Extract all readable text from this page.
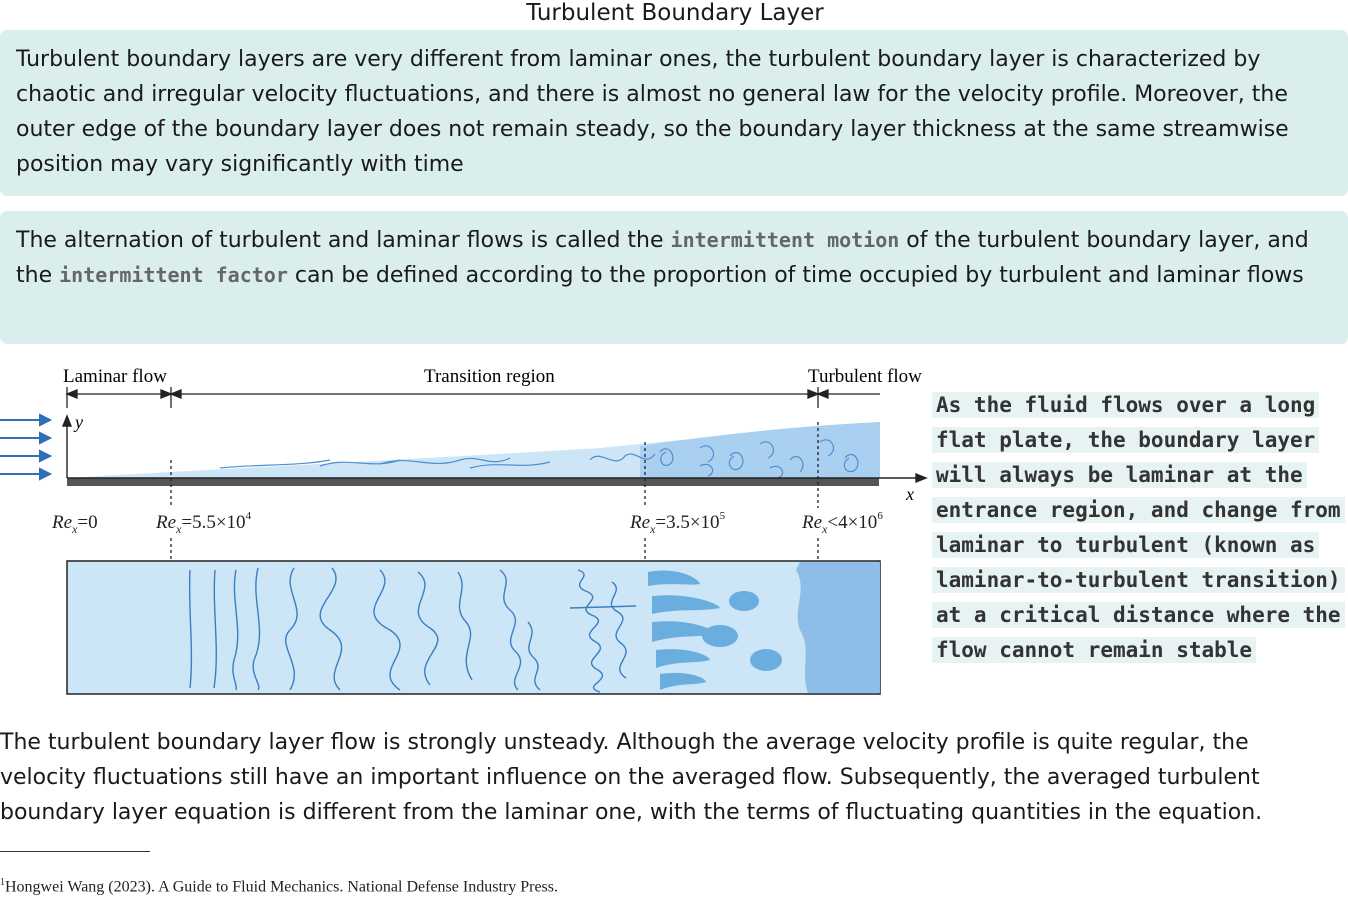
Turbulent Boundary Layer
Turbulent boundary layers are very different from laminar ones, the turbulent boundary layer is characterized by chaotic and irregular velocity fluctuations, and there is almost no general law for the velocity profile. Moreover, the outer edge of the boundary layer does not remain steady, so the boundary layer thickness at the same streamwise position may vary significantly with time
The alternation of turbulent and laminar flows is called the intermittent motion of the turbulent boundary layer, and the intermittent factor can be defined according to the proportion of time occupied by turbulent and laminar flows
Laminar flow	Transition region	Turbulent flow
y
x
$Re_x=0$	$Re_x=5.5\times 10^4$	$Re_x=3.5\times 10^5$	$Re_x<4\times 10^6$
As the fluid flows over a long flat plate, the boundary layer will always be laminar at the entrance region, and change from laminar to turbulent (known as laminar-to-turbulent transition) at a critical distance where the flow cannot remain stable
The turbulent boundary layer flow is strongly unsteady. Although the average velocity profile is quite regular, the velocity fluctuations still have an important influence on the averaged flow. Subsequently, the averaged turbulent boundary layer equation is different from the laminar one, with the terms of fluctuating quantities in the equation.
$^1$Hongwei Wang (2023). A Guide to Fluid Mechanics. National Defense Industry Press.
